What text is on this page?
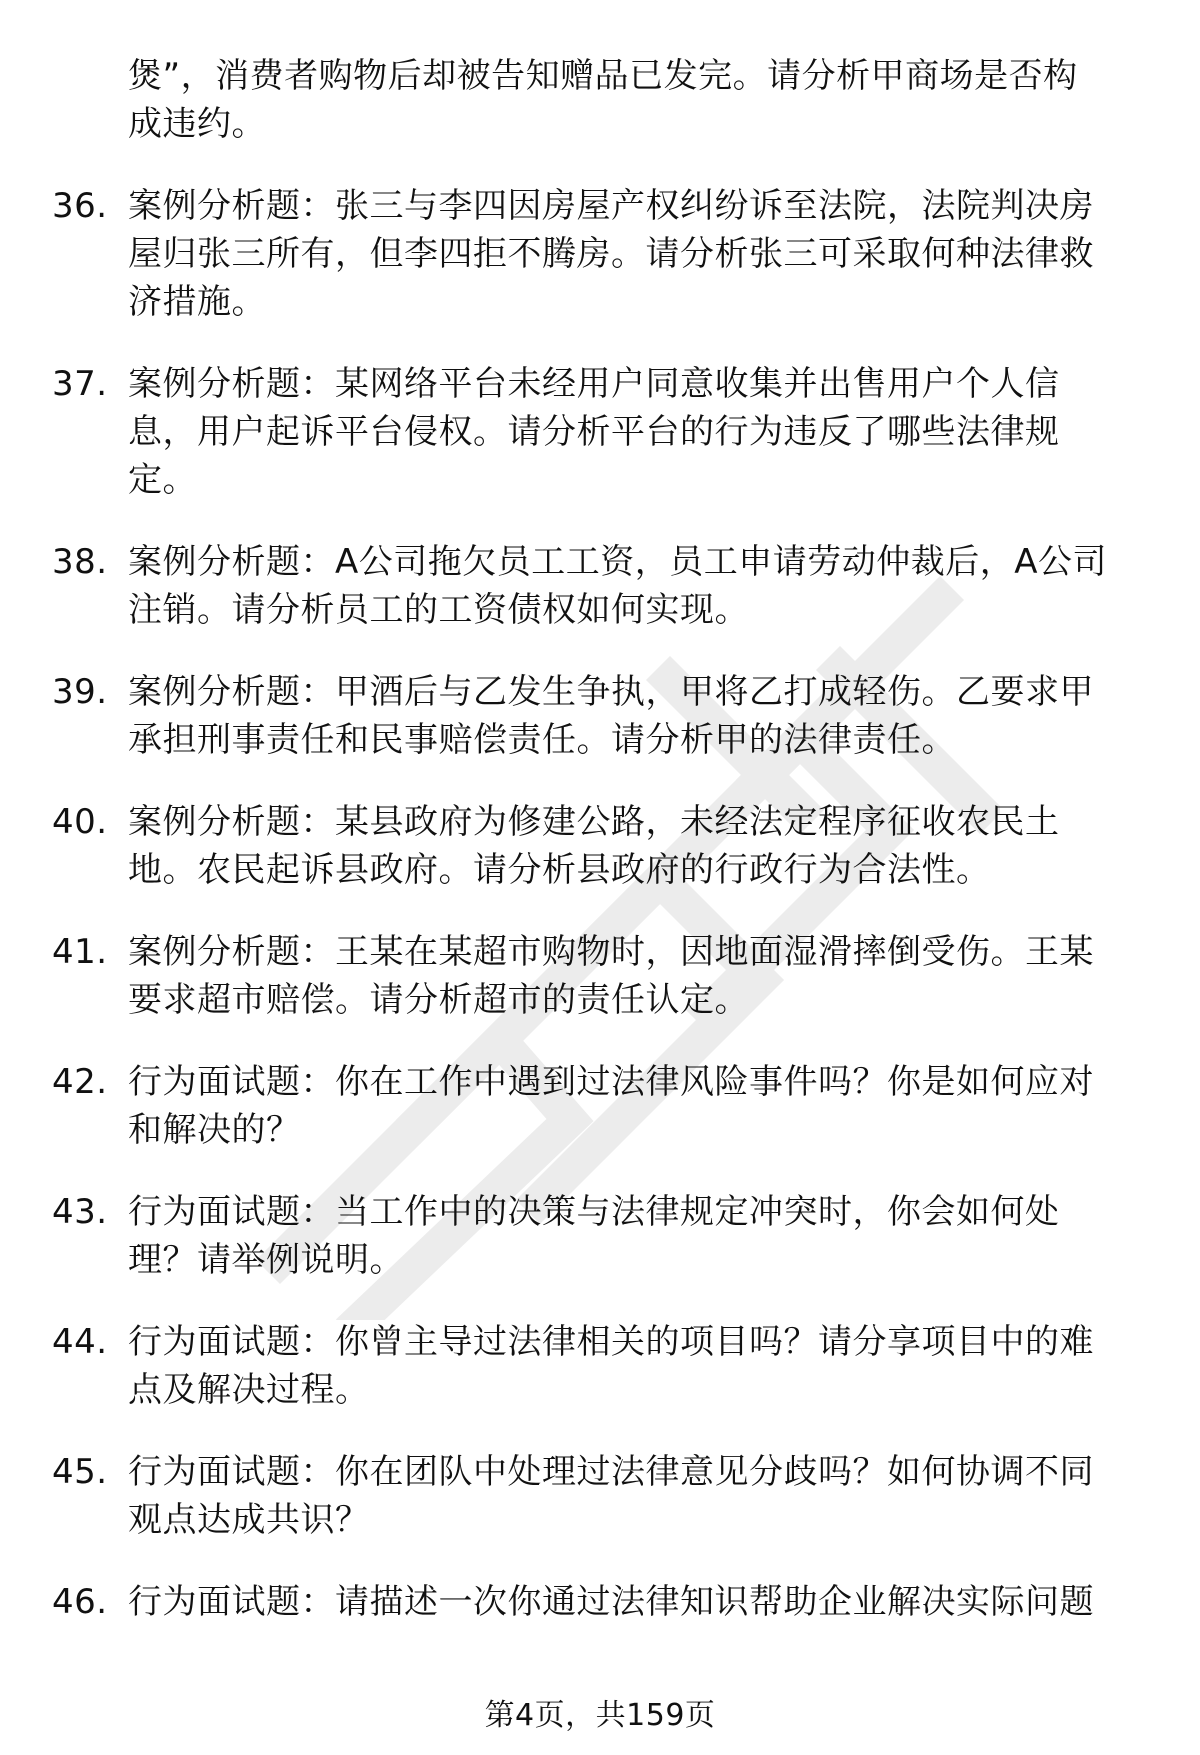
煲”，消费者购物后却被告知赠品已发完。请分析甲商场是否构
成违约。
36. 案例分析题：张三与李四因房屋产权纠纷诉至法院，法院判决房
屋归张三所有，但李四拒不腾房。请分析张三可采取何种法律救
济措施。
37. 案例分析题：某网络平台未经用户同意收集并出售用户个人信
息，用户起诉平台侵权。请分析平台的行为违反了哪些法律规
定。
38. 案例分析题：A公司拖欠员工工资，员工申请劳动仲裁后，A公司
注销。请分析员工的工资债权如何实现。
39. 案例分析题：甲酒后与乙发生争执，甲将乙打成轻伤。乙要求甲
承担刑事责任和民事赔偿责任。请分析甲的法律责任。
40. 案例分析题：某县政府为修建公路，未经法定程序征收农民土
地。农民起诉县政府。请分析县政府的行政行为合法性。
41. 案例分析题：王某在某超市购物时，因地面湿滑摔倒受伤。王某
要求超市赔偿。请分析超市的责任认定。
42. 行为面试题：你在工作中遇到过法律风险事件吗？你是如何应对
和解决的？
43. 行为面试题：当工作中的决策与法律规定冲突时，你会如何处
理？请举例说明。
44. 行为面试题：你曾主导过法律相关的项目吗？请分享项目中的难
点及解决过程。
45. 行为面试题：你在团队中处理过法律意见分歧吗？如何协调不同
观点达成共识？
46. 行为面试题：请描述一次你通过法律知识帮助企业解决实际问题
第4页，共159页
